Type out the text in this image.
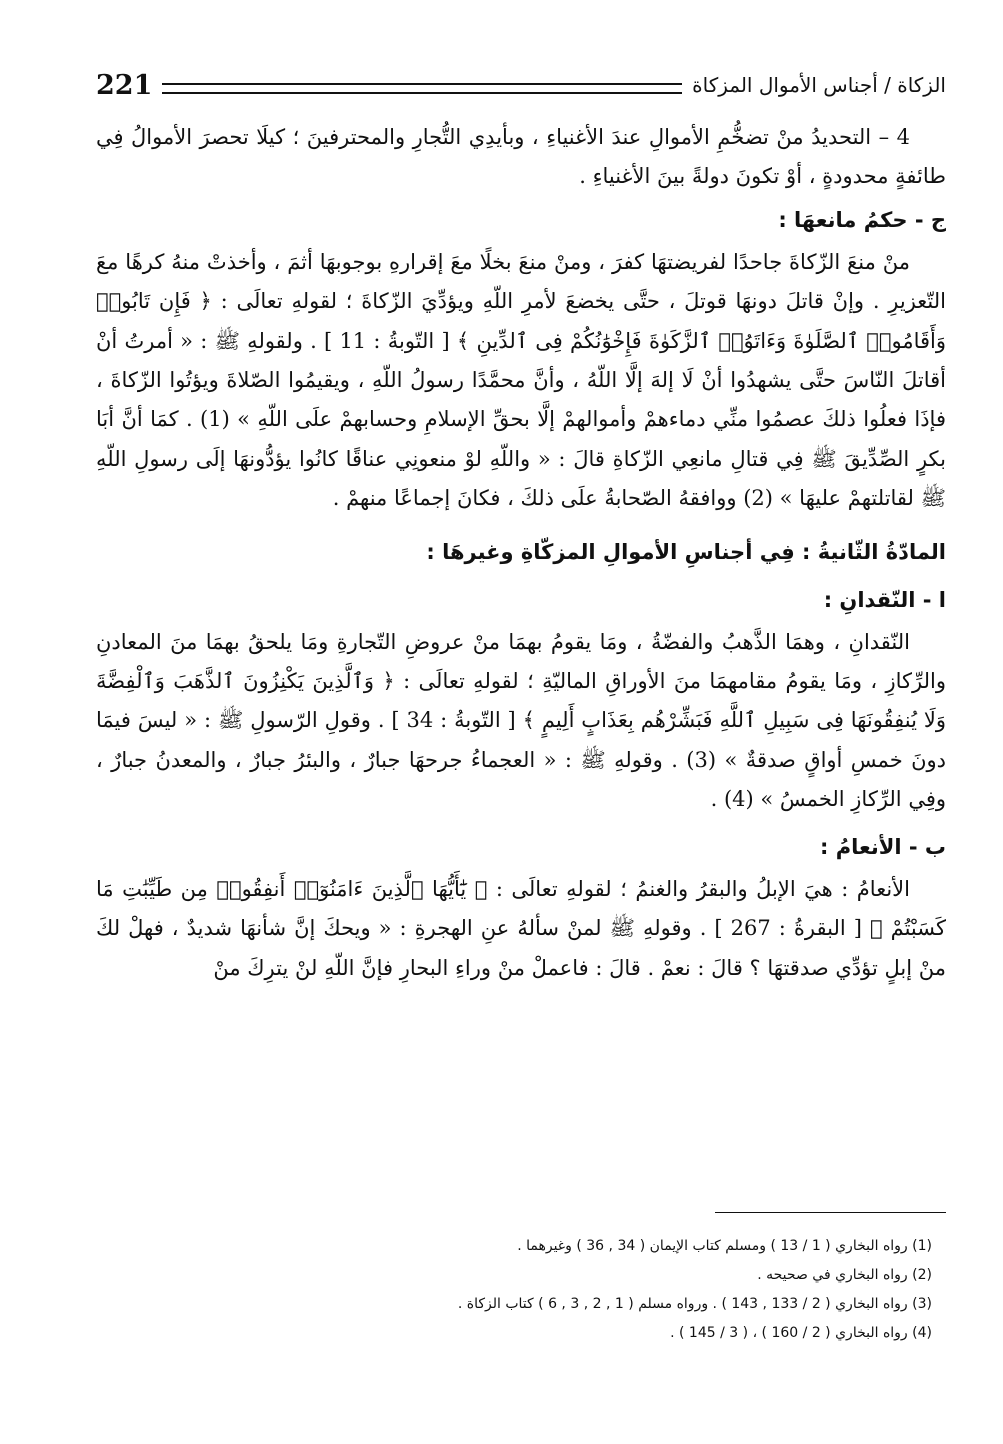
221	الزكاة / أجناس الأموال المزكاة

4 – التحديدُ منْ تضخُّمِ الأموالِ عندَ الأغنياءِ ، وبأيدِي التُّجارِ والمحترفينَ ؛ كيلَا تحصرَ الأموالُ فِي طائفةٍ محدودةٍ ، أوْ تكونَ دولةً بينَ الأغنياءِ .

ج - حكمُ مانعهَا :

منْ منعَ الزّكاةَ جاحدًا لفريضتهَا كفرَ ، ومنْ منعَ بخلًا معَ إقرارهِ بوجوبهَا أثمَ ، وأخذتْ منهُ كرهًا معَ التّعزيرِ . وإنْ قاتلَ دونهَا قوتلَ ، حتَّى يخضعَ لأمرِ اللّهِ ويؤدِّيَ الزّكاةَ ؛ لقولهِ تعالَى : ﴿ فَإِن تَابُوا۟ وَأَقَامُوا۟ ٱلصَّلَوٰةَ وَءَاتَوُا۟ ٱلزَّكَوٰةَ فَإِخْوَٰنُكُمْ فِى ٱلدِّينِ ﴾ [ التّوبةُ : 11 ] . ولقولهِ ﷺ : « أمرتُ أنْ أقاتلَ النّاسَ حتَّى يشهدُوا أنْ لَا إلهَ إلَّا اللّهُ ، وأنَّ محمَّدًا رسولُ اللّهِ ، ويقيمُوا الصّلاةَ ويؤتُوا الزّكاةَ ، فإذَا فعلُوا ذلكَ عصمُوا منِّي دماءهمْ وأموالهمْ إلَّا بحقِّ الإسلامِ وحسابهمْ علَى اللّهِ » (1) . كمَا أنَّ أبَا بكرٍ الصِّدِّيقَ ﷺ فِي قتالِ مانعِي الزّكاةِ قالَ : « واللّهِ لوْ منعونِي عناقًا كانُوا يؤدُّونهَا إلَى رسولِ اللّهِ ﷺ لقاتلتهمْ عليهَا » (2) ووافقهُ الصّحابةُ علَى ذلكَ ، فكانَ إجماعًا منهمْ .

المادّةُ الثّانيةُ : فِي أجناسِ الأموالِ المزكّاةِ وغيرهَا :
ا - النّقدانِ :

النّقدانِ ، وهمَا الذَّهبُ والفضّةُ ، ومَا يقومُ بهمَا منْ عروضِ التّجارةِ ومَا يلحقُ بهمَا منَ المعادنِ والرِّكازِ ، ومَا يقومُ مقامهمَا منَ الأوراقِ الماليّةِ ؛ لقولهِ تعالَى : ﴿ وَٱلَّذِينَ يَكْنِزُونَ ٱلذَّهَبَ وَٱلْفِضَّةَ وَلَا يُنفِقُونَهَا فِى سَبِيلِ ٱللَّهِ فَبَشِّرْهُم بِعَذَابٍ أَلِيمٍ ﴾ [ التّوبةُ : 34 ] . وقولِ الرّسولِ ﷺ : « ليسَ فيمَا دونَ خمسِ أواقٍ صدقةٌ » (3) . وقولهِ ﷺ : « العجماءُ جرحهَا جبارٌ ، والبئرُ جبارٌ ، والمعدنُ جبارٌ ، وفِي الرِّكازِ الخمسُ » (4) .

ب - الأنعامُ :

الأنعامُ : هيَ الإبلُ والبقرُ والغنمُ ؛ لقولهِ تعالَى : ﴿ يَٰٓأَيُّهَا ٱلَّذِينَ ءَامَنُوٓا۟ أَنفِقُوا۟ مِن طَيِّبَٰتِ مَا كَسَبْتُمْ ﴾ [ البقرةُ : 267 ] . وقولهِ ﷺ لمنْ سألهُ عنِ الهجرةِ : « ويحكَ إنَّ شأنهَا شديدٌ ، فهلْ لكَ منْ إبلٍ تؤدِّي صدقتهَا ؟ قالَ : نعمْ . قالَ : فاعملْ منْ وراءِ البحارِ فإنَّ اللّهِ لنْ يترِكَ منْ

(1) رواه البخاري ( 1 / 13 ) ومسلم كتاب الإيمان ( 34 , 36 ) وغيرهما .

(2) رواه البخاري في صحيحه .

(3) رواه البخاري ( 2 / 133 , 143 ) . ورواه مسلم ( 1 , 2 , 3 , 6 ) كتاب الزكاة .

(4) رواه البخاري ( 2 / 160 ) ، ( 3 / 145 ) .
